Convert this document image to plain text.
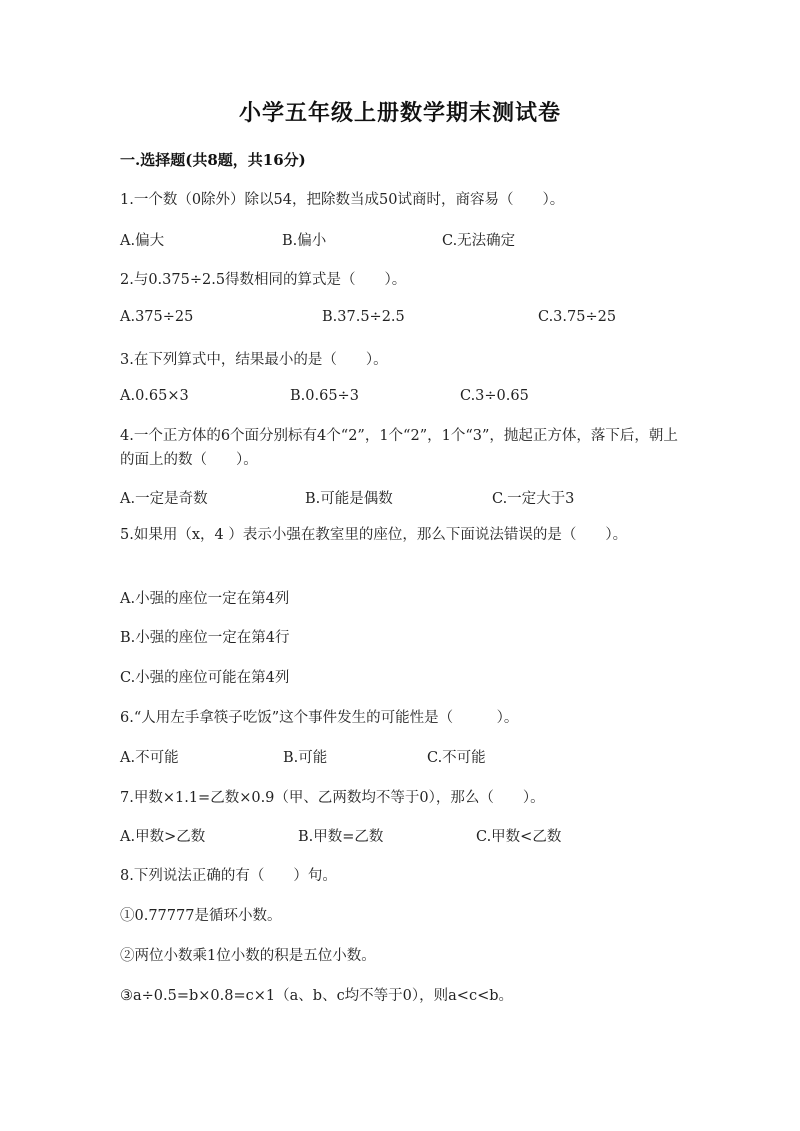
小学五年级上册数学期末测试卷
一.选择题(共8题，共16分)
1.一个数（0除外）除以54，把除数当成50试商时，商容易（　　）。
A.偏大	B.偏小	C.无法确定
2.与0.375÷2.5得数相同的算式是（　　）。
A.375÷25	B.37.5÷2.5	C.3.75÷25
3.在下列算式中，结果最小的是（　　）。
A.0.65×3	B.0.65÷3	C.3÷0.65
4.一个正方体的6个面分别标有4个“2”，1个“2”，1个“3”，抛起正方体，落下后，朝上的面上的数（　　）。
A.一定是奇数	B.可能是偶数	C.一定大于3
5.如果用（x，4 ）表示小强在教室里的座位，那么下面说法错误的是（　　）。
A.小强的座位一定在第4列
B.小强的座位一定在第4行
C.小强的座位可能在第4列
6.“人用左手拿筷子吃饭”这个事件发生的可能性是（　　　）。
A.不可能	B.可能	C.不可能
7.甲数×1.1=乙数×0.9（甲、乙两数均不等于0），那么（　　）。
A.甲数>乙数	B.甲数=乙数	C.甲数<乙数
8.下列说法正确的有（　　）句。
①0.77777是循环小数。
②两位小数乘1位小数的积是五位小数。
③a÷0.5=b×0.8=c×1（a、b、c均不等于0），则a<c<b。
